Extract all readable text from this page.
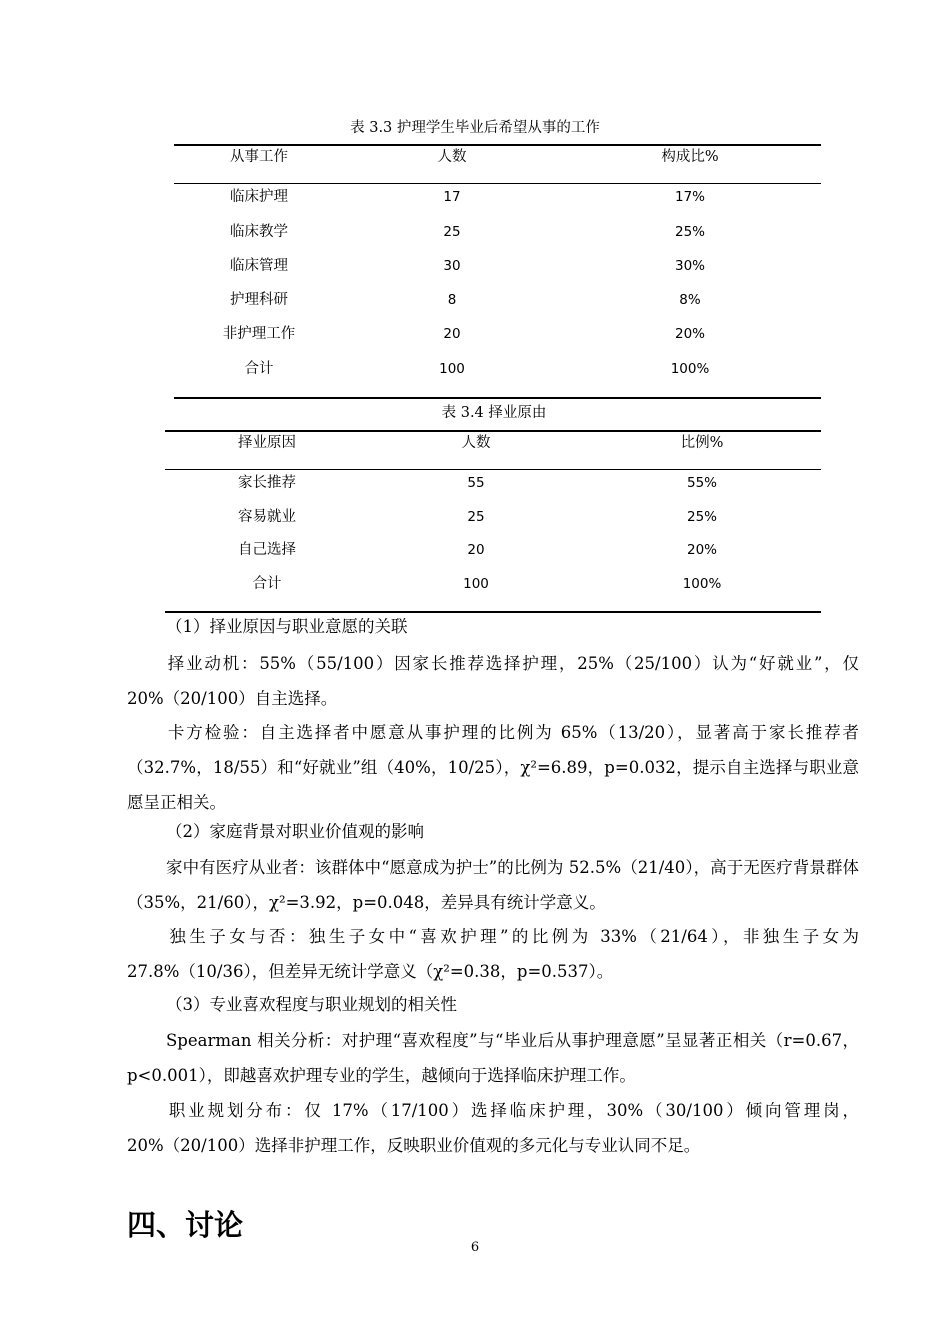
表 3.3 护理学生毕业后希望从事的工作
从事工作	人数	构成比%
临床护理	17	17%
临床教学	25	25%
临床管理	30	30%
护理科研	8	8%
非护理工作	20	20%
合计	100	100%
表 3.4 择业原由
择业原因	人数	比例%
家长推荐	55	55%
容易就业	25	25%
自己选择	20	20%
合计	100	100%
（1）择业原因与职业意愿的关联
择业动机：55%（55/100）因家长推荐选择护理，25%（25/100）认为“好就业”，仅 20%（20/100）自主选择。
卡方检验：自主选择者中愿意从事护理的比例为 65%（13/20），显著高于家长推荐者（32.7%，18/55）和“好就业”组（40%，10/25），χ²=6.89，p=0.032，提示自主选择与职业意愿呈正相关。
（2）家庭背景对职业价值观的影响
家中有医疗从业者：该群体中“愿意成为护士”的比例为 52.5%（21/40），高于无医疗背景群体（35%，21/60），χ²=3.92，p=0.048，差异具有统计学意义。
独生子女与否：独生子女中“喜欢护理”的比例为 33%（21/64），非独生子女为 27.8%（10/36），但差异无统计学意义（χ²=0.38，p=0.537）。
（3）专业喜欢程度与职业规划的相关性
Spearman 相关分析：对护理“喜欢程度”与“毕业后从事护理意愿”呈显著正相关（r=0.67，p<0.001），即越喜欢护理专业的学生，越倾向于选择临床护理工作。
职业规划分布：仅 17%（17/100）选择临床护理，30%（30/100）倾向管理岗，20%（20/100）选择非护理工作，反映职业价值观的多元化与专业认同不足。
四、讨论
6
